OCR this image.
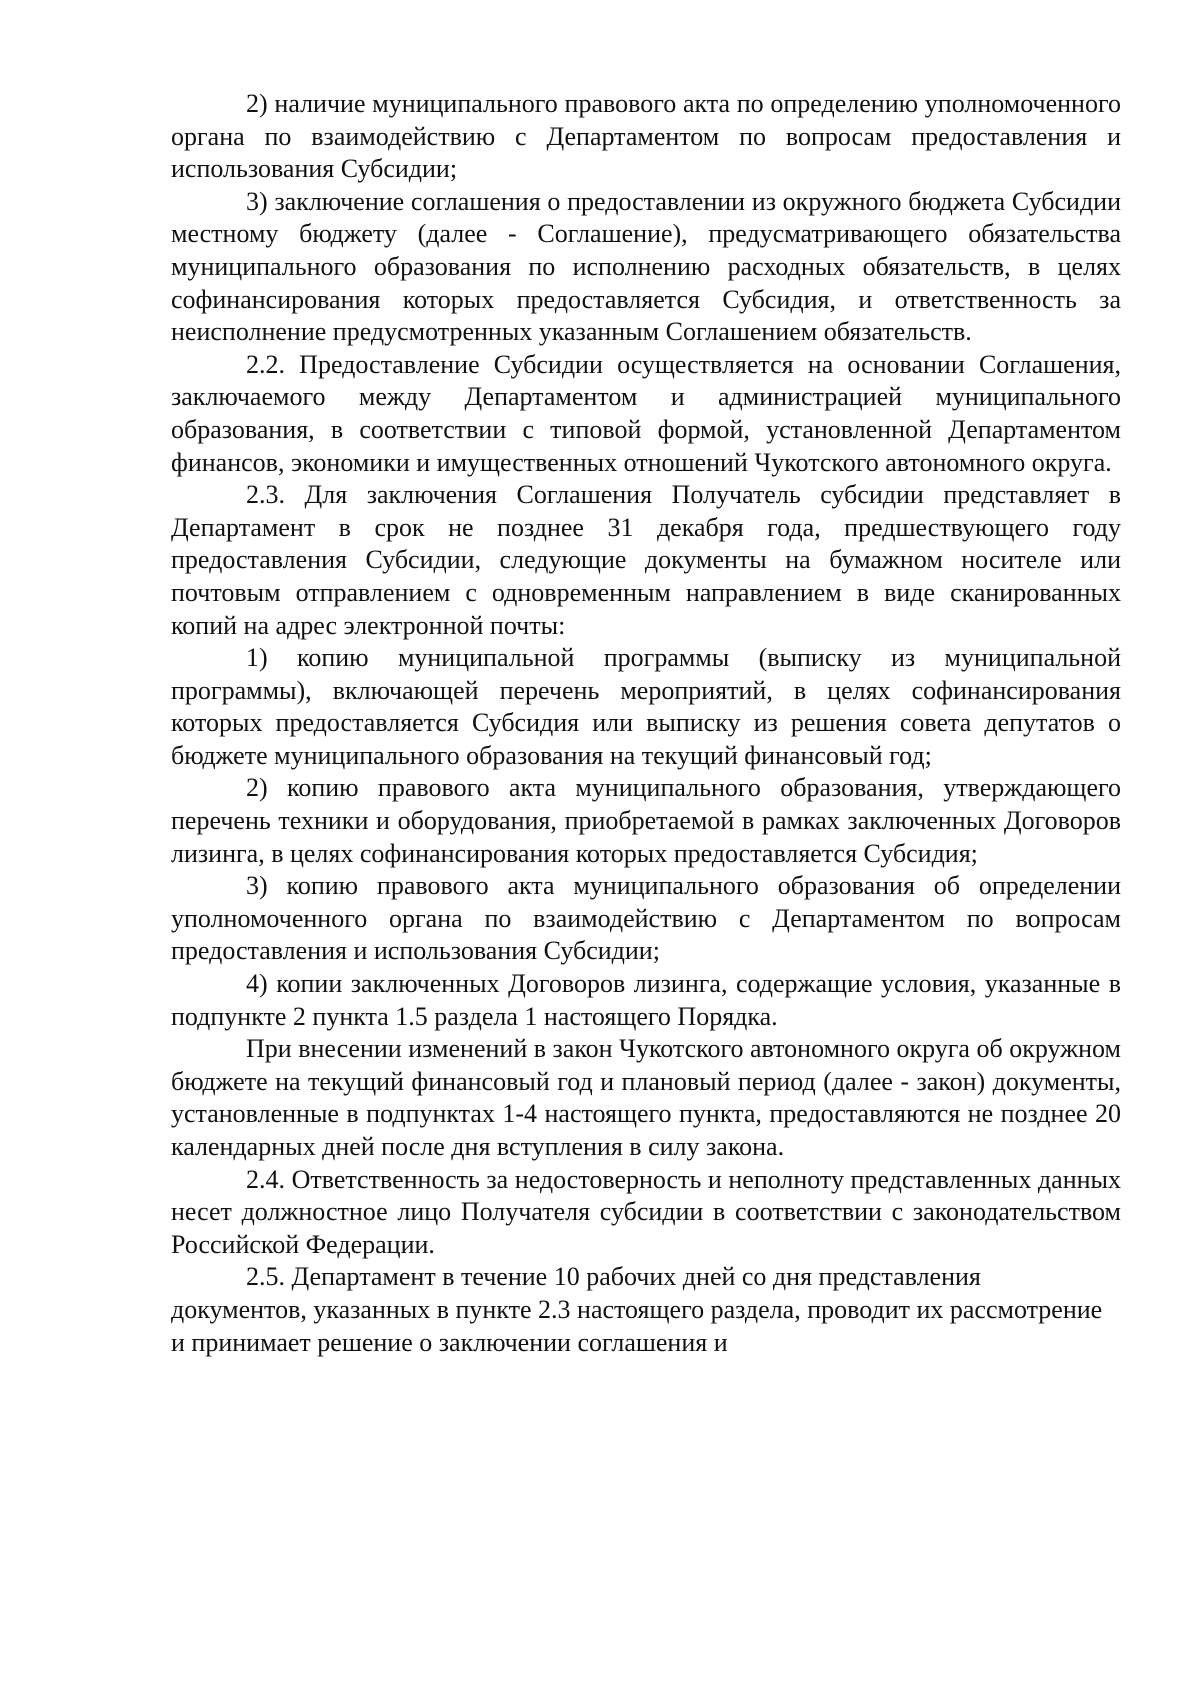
2) наличие муниципального правового акта по определению уполномоченного органа по взаимодействию с Департаментом по вопросам предоставления и использования Субсидии;

3) заключение соглашения о предоставлении из окружного бюджета Субсидии местному бюджету (далее - Соглашение), предусматривающего обязательства муниципального образования по исполнению расходных обязательств, в целях софинансирования которых предоставляется Субсидия, и ответственность за неисполнение предусмотренных указанным Соглашением обязательств.

2.2. Предоставление Субсидии осуществляется на основании Соглашения, заключаемого между Департаментом и администрацией муниципального образования, в соответствии с типовой формой, установленной Департаментом финансов, экономики и имущественных отношений Чукотского автономного округа.

2.3. Для заключения Соглашения Получатель субсидии представляет в Департамент в срок не позднее 31 декабря года, предшествующего году предоставления Субсидии, следующие документы на бумажном носителе или почтовым отправлением с одновременным направлением в виде сканированных копий на адрес электронной почты:

1) копию муниципальной программы (выписку из муниципальной программы), включающей перечень мероприятий, в целях софинансирования которых предоставляется Субсидия или выписку из решения совета депутатов о бюджете муниципального образования на текущий финансовый год;

2) копию правового акта муниципального образования, утверждающего перечень техники и оборудования, приобретаемой в рамках заключенных Договоров лизинга, в целях софинансирования которых предоставляется Субсидия;

3) копию правового акта муниципального образования об определении уполномоченного органа по взаимодействию с Департаментом по вопросам предоставления и использования Субсидии;

4) копии заключенных Договоров лизинга, содержащие условия, указанные в подпункте 2 пункта 1.5 раздела 1 настоящего Порядка.

При внесении изменений в закон Чукотского автономного округа об окружном бюджете на текущий финансовый год и плановый период (далее - закон) документы, установленные в подпунктах 1-4 настоящего пункта, предоставляются не позднее 20 календарных дней после дня вступления в силу закона.

2.4. Ответственность за недостоверность и неполноту представленных данных несет должностное лицо Получателя субсидии в соответствии с законодательством Российской Федерации.

2.5. Департамент в течение 10 рабочих дней со дня представления документов, указанных в пункте 2.3 настоящего раздела, проводит их рассмотрение и принимает решение о заключении соглашения и
